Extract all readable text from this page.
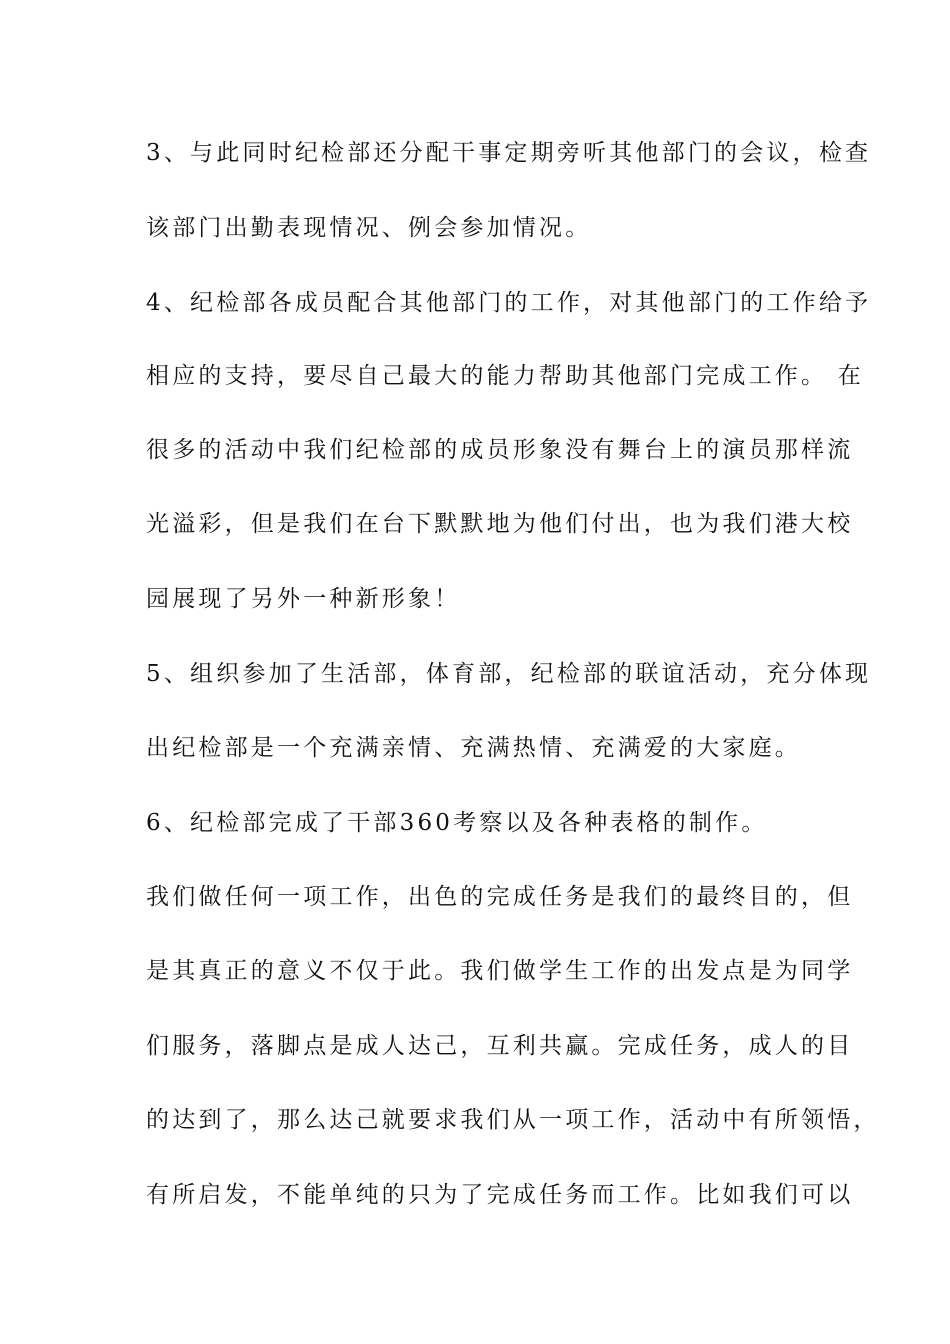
3、与此同时纪检部还分配干事定期旁听其他部门的会议，检查
该部门出勤表现情况、例会参加情况。
4、纪检部各成员配合其他部门的工作，对其他部门的工作给予
相应的支持，要尽自己最大的能力帮助其他部门完成工作。 在
很多的活动中我们纪检部的成员形象没有舞台上的演员那样流
光溢彩，但是我们在台下默默地为他们付出，也为我们港大校
园展现了另外一种新形象！
5、组织参加了生活部，体育部，纪检部的联谊活动，充分体现
出纪检部是一个充满亲情、充满热情、充满爱的大家庭。
6、纪检部完成了干部360考察以及各种表格的制作。
我们做任何一项工作，出色的完成任务是我们的最终目的，但
是其真正的意义不仅于此。我们做学生工作的出发点是为同学
们服务，落脚点是成人达己，互利共赢。完成任务，成人的目
的达到了，那么达己就要求我们从一项工作，活动中有所领悟，
有所启发，不能单纯的只为了完成任务而工作。比如我们可以
